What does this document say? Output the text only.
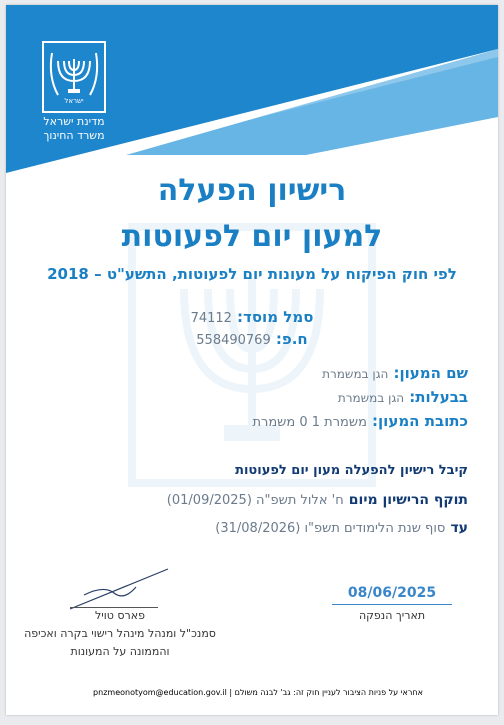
ישראל
מדינת ישראל
משרד החינוך
רישיון הפעלה
למעון יום לפעוטות
לפי חוק הפיקוח על מעונות יום לפעוטות, התשע"ט – 2018
סמל מוסד: 74112
ח.פ: 558490769
שם המעון: הגן במשמרת
בבעלות: הגן במשמרת
כתובת המעון: משמרת 1 0 משמרת
קיבל רישיון להפעלה מעון יום לפעוטות
תוקף הרישיון מיום ח' אלול תשפ"ה (01/09/2025)
עד סוף שנת הלימודים תשפ"ו (31/08/2026)
08/06/2025
תאריך הנפקה
פארס טויל
סמנכ"ל ומנהל מינהל רישוי בקרה ואכיפה
והממונה על המעונות
pnzmeonotyom@education.gov.il אחראי על פניות הציבור לעניין חוק זה: גב' לבנה משולם |
